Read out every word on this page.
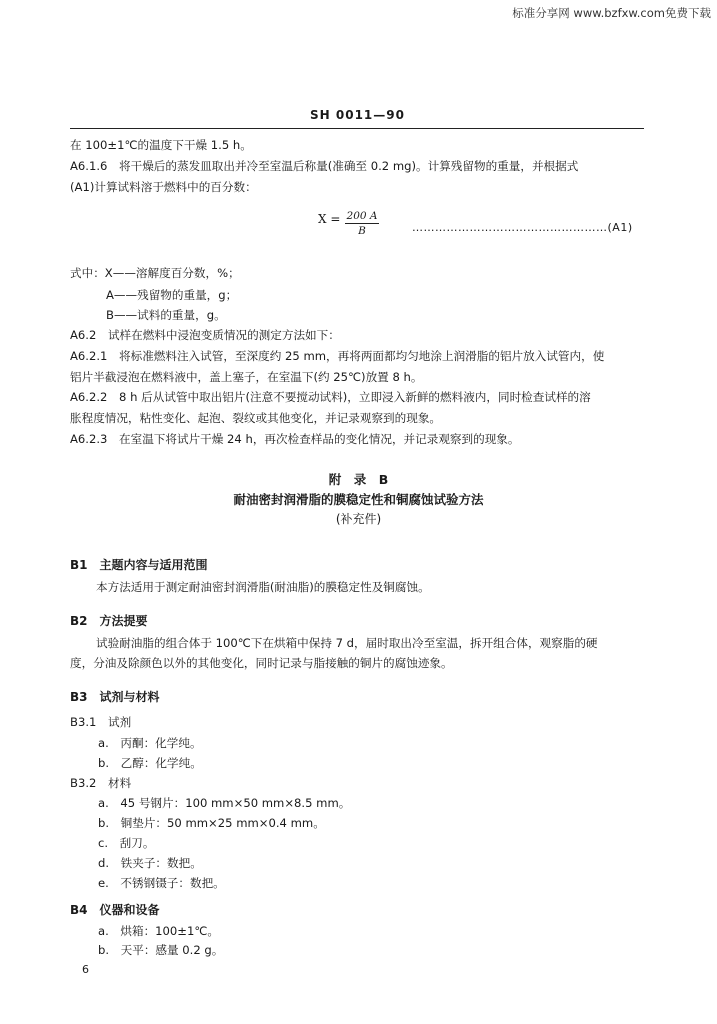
标准分享网 www.bzfxw.com免费下载
SH 0011—90
在 100±1℃的温度下干燥 1.5 h。
A6.1.6　将干燥后的蒸发皿取出并冷至室温后称量(准确至 0.2 mg)。计算残留物的重量，并根据式
(A1)计算试料溶于燃料中的百分数：
$X = \frac{200 A}{B}$	……………………………………………(A1)
式中：X——溶解度百分数，%；
A——残留物的重量，g；
B——试料的重量，g。
A6.2　试样在燃料中浸泡变质情况的测定方法如下：
A6.2.1　将标准燃料注入试管，至深度约 25 mm，再将两面都均匀地涂上润滑脂的铝片放入试管内，使
铝片半截浸泡在燃料液中，盖上塞子，在室温下(约 25℃)放置 8 h。
A6.2.2　8 h 后从试管中取出铝片(注意不要搅动试料)，立即浸入新鲜的燃料液内，同时检查试样的溶
胀程度情况，粘性变化、起泡、裂纹或其他变化，并记录观察到的现象。
A6.2.3　在室温下将试片干燥 24 h，再次检查样品的变化情况，并记录观察到的现象。
附　录　B
耐油密封润滑脂的膜稳定性和铜腐蚀试验方法
(补充件)
B1　主题内容与适用范围
本方法适用于测定耐油密封润滑脂(耐油脂)的膜稳定性及铜腐蚀。
B2　方法提要
试验耐油脂的组合体于 100℃下在烘箱中保持 7 d，届时取出冷至室温，拆开组合体，观察脂的硬
度，分油及除颜色以外的其他变化，同时记录与脂接触的铜片的腐蚀迹象。
B3　试剂与材料
B3.1　试剂
a.　丙酮：化学纯。
b.　乙醇：化学纯。
B3.2　材料
a.　45 号钢片：100 mm×50 mm×8.5 mm。
b.　铜垫片：50 mm×25 mm×0.4 mm。
c.　刮刀。
d.　铁夹子：数把。
e.　不锈钢镊子：数把。
B4　仪器和设备
a.　烘箱：100±1℃。
b.　天平：感量 0.2 g。
6
